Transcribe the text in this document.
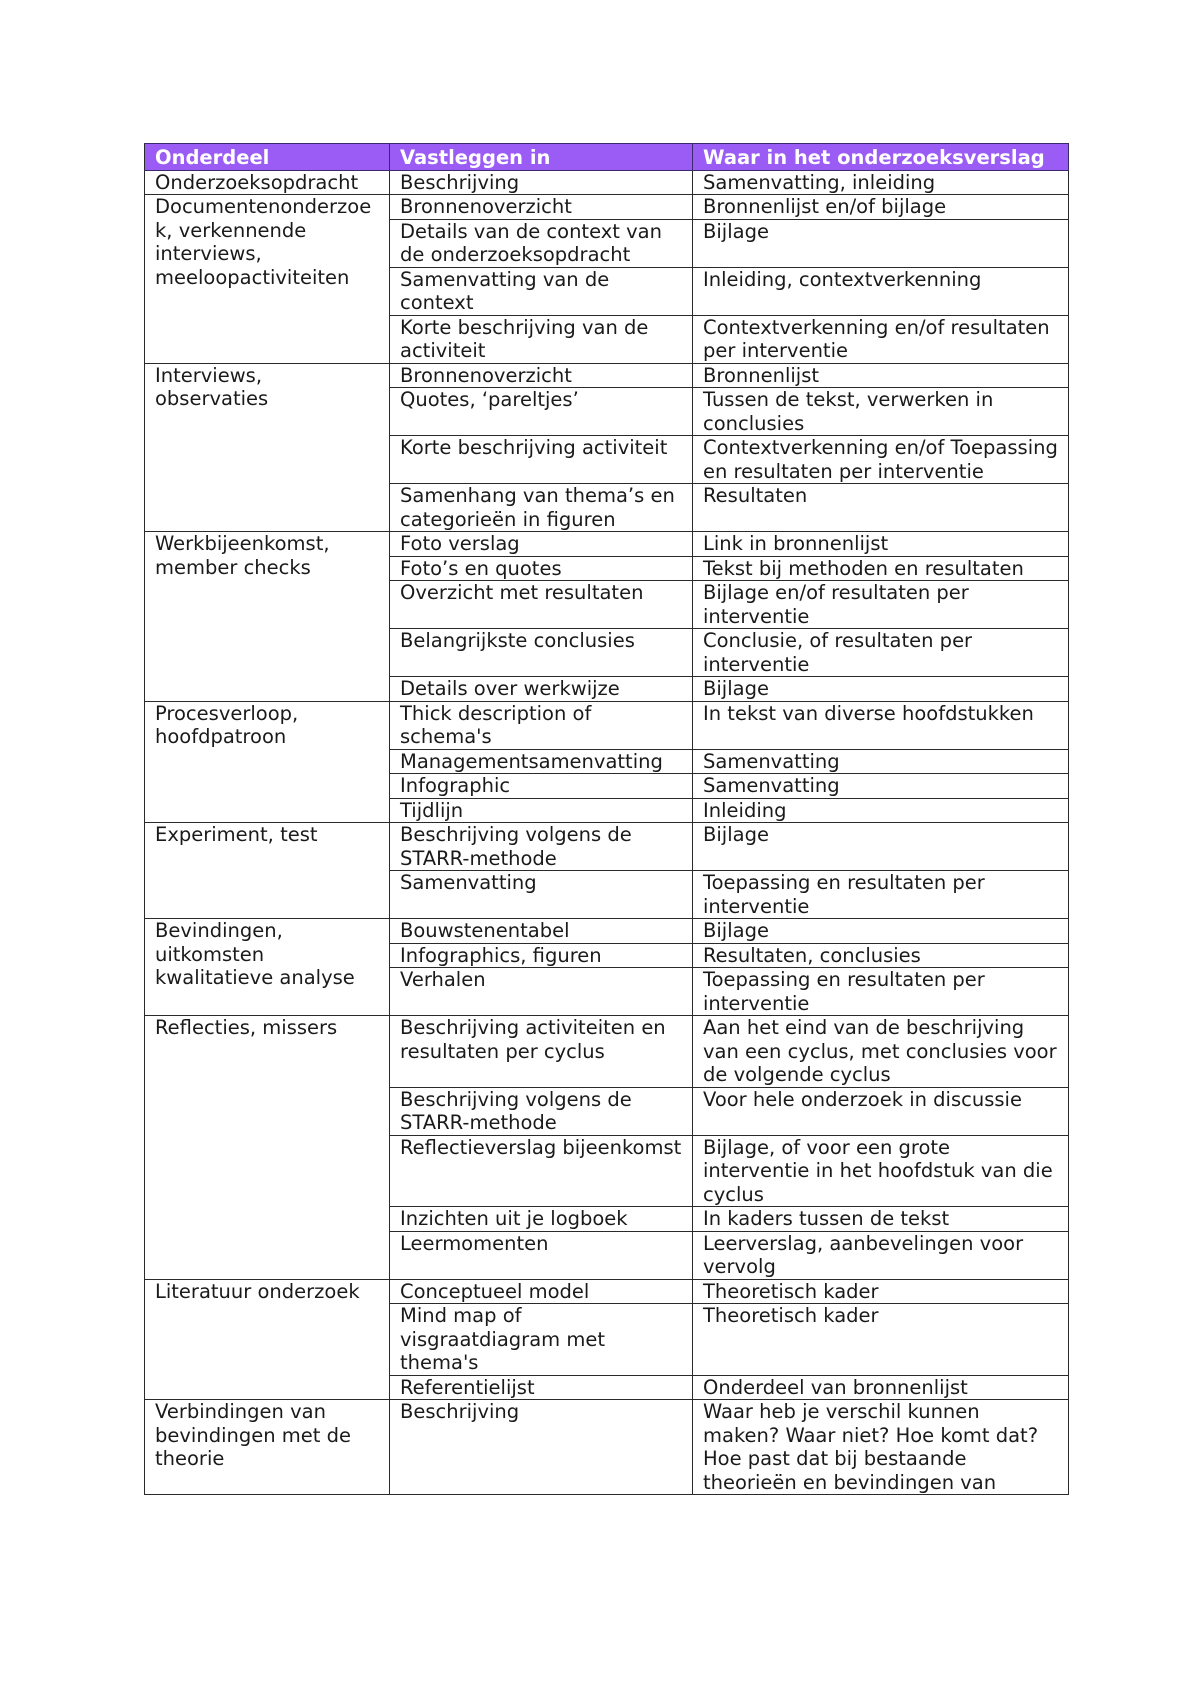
Onderdeel	Vastleggen in	Waar in het onderzoeksverslag
Onderzoeksopdracht	Beschrijving	Samenvatting, inleiding
Documentenonderzoek, verkennende interviews, meeloopactiviteiten	Bronnenoverzicht	Bronnenlijst en/of bijlage
	Details van de context van de onderzoeksopdracht	Bijlage
	Samenvatting van de context	Inleiding, contextverkenning
	Korte beschrijving van de activiteit	Contextverkenning en/of resultaten per interventie
Interviews, observaties	Bronnenoverzicht	Bronnenlijst
	Quotes, ‘pareltjes’	Tussen de tekst, verwerken in conclusies
	Korte beschrijving activiteit	Contextverkenning en/of Toepassing en resultaten per interventie
	Samenhang van thema’s en categorieën in figuren	Resultaten
Werkbijeenkomst, member checks	Foto verslag	Link in bronnenlijst
	Foto’s en quotes	Tekst bij methoden en resultaten
	Overzicht met resultaten	Bijlage en/of resultaten per interventie
	Belangrijkste conclusies	Conclusie, of resultaten per interventie
	Details over werkwijze	Bijlage
Procesverloop, hoofdpatroon	Thick description of schema's	In tekst van diverse hoofdstukken
	Managementsamenvatting	Samenvatting
	Infographic	Samenvatting
	Tijdlijn	Inleiding
Experiment, test	Beschrijving volgens de STARR-methode	Bijlage
	Samenvatting	Toepassing en resultaten per interventie
Bevindingen, uitkomsten kwalitatieve analyse	Bouwstenentabel	Bijlage
	Infographics, figuren	Resultaten, conclusies
	Verhalen	Toepassing en resultaten per interventie
Reflecties, missers	Beschrijving activiteiten en resultaten per cyclus	Aan het eind van de beschrijving van een cyclus, met conclusies voor de volgende cyclus
	Beschrijving volgens de STARR-methode	Voor hele onderzoek in discussie
	Reflectieverslag bijeenkomst	Bijlage, of voor een grote interventie in het hoofdstuk van die cyclus
	Inzichten uit je logboek	In kaders tussen de tekst
	Leermomenten	Leerverslag, aanbevelingen voor vervolg
Literatuur onderzoek	Conceptueel model	Theoretisch kader
	Mind map of visgraatdiagram met thema's	Theoretisch kader
	Referentielijst	Onderdeel van bronnenlijst
Verbindingen van bevindingen met de theorie	Beschrijving	Waar heb je verschil kunnen maken? Waar niet? Hoe komt dat? Hoe past dat bij bestaande theorieën en bevindingen van
